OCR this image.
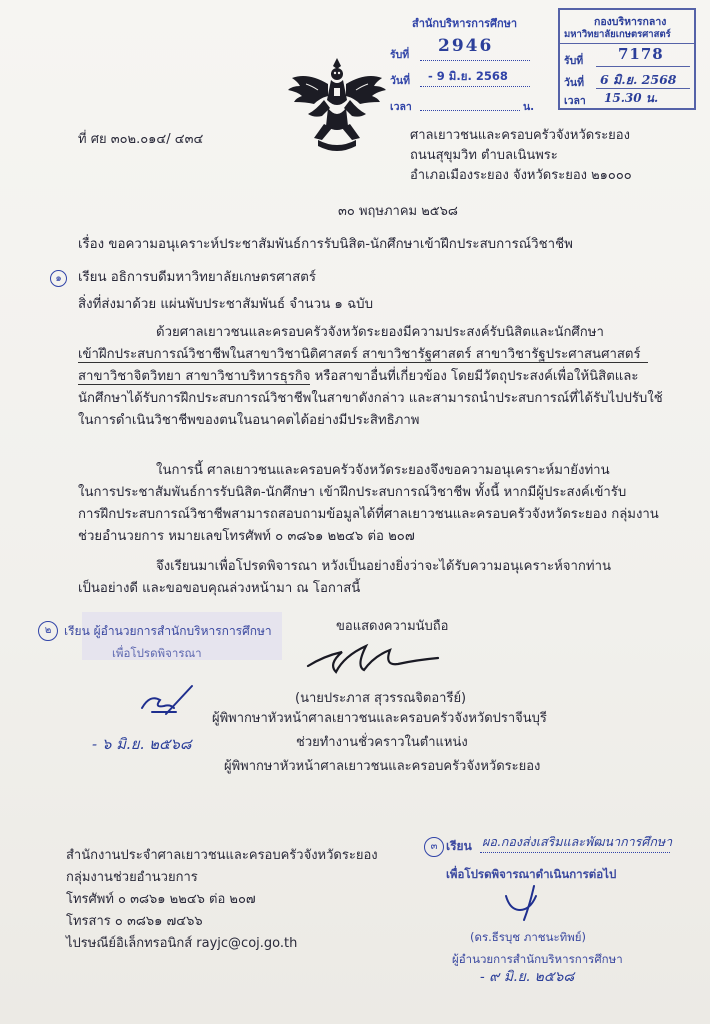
สำนักบริหารการศึกษา
รับที่ 2946
วันที่ - 9 มิ.ย. 2568
เวลา	น.
กองบริหารกลาง
มหาวิทยาลัยเกษตรศาสตร์
รับที่ 7178
วันที่ 6 มิ.ย. 2568
เวลา 15.30 น.
ที่ ศย ๓๐๒.๐๑๔/ ๔๓๔	ศาลเยาวชนและครอบครัวจังหวัดระยอง
ถนนสุขุมวิท ตำบลเนินพระ
อำเภอเมืองระยอง จังหวัดระยอง ๒๑๐๐๐
๓๐ พฤษภาคม ๒๕๖๘
เรื่อง ขอความอนุเคราะห์ประชาสัมพันธ์การรับนิสิต-นักศึกษาเข้าฝึกประสบการณ์วิชาชีพ
๑	เรียน อธิการบดีมหาวิทยาลัยเกษตรศาสตร์
สิ่งที่ส่งมาด้วย แผ่นพับประชาสัมพันธ์ จำนวน ๑ ฉบับ
ด้วยศาลเยาวชนและครอบครัวจังหวัดระยองมีความประสงค์รับนิสิตและนักศึกษา
เข้าฝึกประสบการณ์วิชาชีพในสาขาวิชานิติศาสตร์ สาขาวิชารัฐศาสตร์ สาขาวิชารัฐประศาสนศาสตร์
สาขาวิชาจิตวิทยา สาขาวิชาบริหารธุรกิจ หรือสาขาอื่นที่เกี่ยวข้อง โดยมีวัตถุประสงค์เพื่อให้นิสิตและ
นักศึกษาได้รับการฝึกประสบการณ์วิชาชีพในสาขาดังกล่าว และสามารถนำประสบการณ์ที่ได้รับไปปรับใช้
ในการดำเนินวิชาชีพของตนในอนาคตได้อย่างมีประสิทธิภาพ
ในการนี้ ศาลเยาวชนและครอบครัวจังหวัดระยองจึงขอความอนุเคราะห์มายังท่าน
ในการประชาสัมพันธ์การรับนิสิต-นักศึกษา เข้าฝึกประสบการณ์วิชาชีพ ทั้งนี้ หากมีผู้ประสงค์เข้ารับ
การฝึกประสบการณ์วิชาชีพสามารถสอบถามข้อมูลได้ที่ศาลเยาวชนและครอบครัวจังหวัดระยอง กลุ่มงาน
ช่วยอำนวยการ หมายเลขโทรศัพท์ ๐ ๓๘๖๑ ๒๒๔๖ ต่อ ๒๐๗
จึงเรียนมาเพื่อโปรดพิจารณา หวังเป็นอย่างยิ่งว่าจะได้รับความอนุเคราะห์จากท่าน
เป็นอย่างดี และขอขอบคุณล่วงหน้ามา ณ โอกาสนี้
๒	เรียน ผู้อำนวยการสำนักบริหารการศึกษา
เพื่อโปรดพิจารณา
ขอแสดงความนับถือ
- ๖ มิ.ย. ๒๕๖๘
(นายประภาส สุวรรณจิตอารีย์)
ผู้พิพากษาหัวหน้าศาลเยาวชนและครอบครัวจังหวัดปราจีนบุรี
ช่วยทำงานชั่วคราวในตำแหน่ง
ผู้พิพากษาหัวหน้าศาลเยาวชนและครอบครัวจังหวัดระยอง
สำนักงานประจำศาลเยาวชนและครอบครัวจังหวัดระยอง
กลุ่มงานช่วยอำนวยการ
โทรศัพท์ ๐ ๓๘๖๑ ๒๒๔๖ ต่อ ๒๐๗
โทรสาร ๐ ๓๘๖๑ ๗๔๖๖
ไปรษณีย์อิเล็กทรอนิกส์ rayjc@coj.go.th
๓ เรียน ผอ.กองส่งเสริมและพัฒนาการศึกษา
เพื่อโปรดพิจารณาดำเนินการต่อไป
(ดร.ธีรบุช ภาชนะทิพย์)
ผู้อำนวยการสำนักบริหารการศึกษา
- ๙ มิ.ย. ๒๕๖๘
